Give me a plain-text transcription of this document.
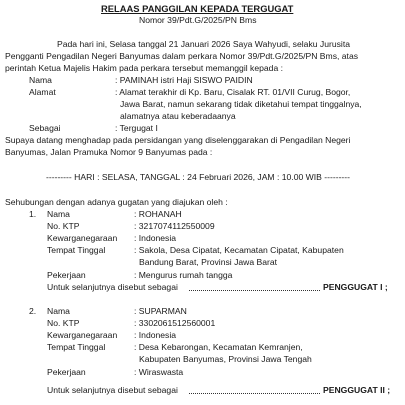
RELAAS PANGGILAN KEPADA TERGUGAT
Nomor 39/Pdt.G/2025/PN Bms
Pada hari ini, Selasa tanggal 21 Januari 2026 Saya Wahyudi, selaku Jurusita
Pengganti Pengadilan Negeri Banyumas dalam perkara Nomor 39/Pdt.G/2025/PN Bms, atas
perintah Ketua Majelis Hakim pada perkara tersebut memanggil kepada :
Nama	: PAMINAH istri Haji SISWO PAIDIN
Alamat	: Alamat terakhir di Kp. Baru, Cisalak RT. 01/VII Curug, Bogor,
Jawa Barat, namun sekarang tidak diketahui tempat tinggalnya,
alamatnya atau keberadaanya
Sebagai	: Tergugat I
Supaya datang menghadap pada persidangan yang diselenggarakan di Pengadilan Negeri
Banyumas, Jalan Pramuka Nomor 9 Banyumas pada :
--------- HARI : SELASA, TANGGAL : 24 Februari 2026, JAM : 10.00 WIB ---------
Sehubungan dengan adanya gugatan yang diajukan oleh :
1. Nama	: ROHANAH
No. KTP	: 3217074112550009
Kewarganegaraan : Indonesia
Tempat Tinggal	: Sakola, Desa Cipatat, Kecamatan Cipatat, Kabupaten
Bandung Barat, Provinsi Jawa Barat
Pekerjaan	: Mengurus rumah tangga
Untuk selanjutnya disebut sebagai	PENGGUGAT I ;
2. Nama	: SUPARMAN
No. KTP	: 3302061512560001
Kewarganegaraan : Indonesia
Tempat Tinggal	: Desa Kebarongan, Kecamatan Kemranjen,
Kabupaten Banyumas, Provinsi Jawa Tengah
Pekerjaan	: Wiraswasta
Untuk selanjutnya disebut sebagai	PENGGUGAT II ;
